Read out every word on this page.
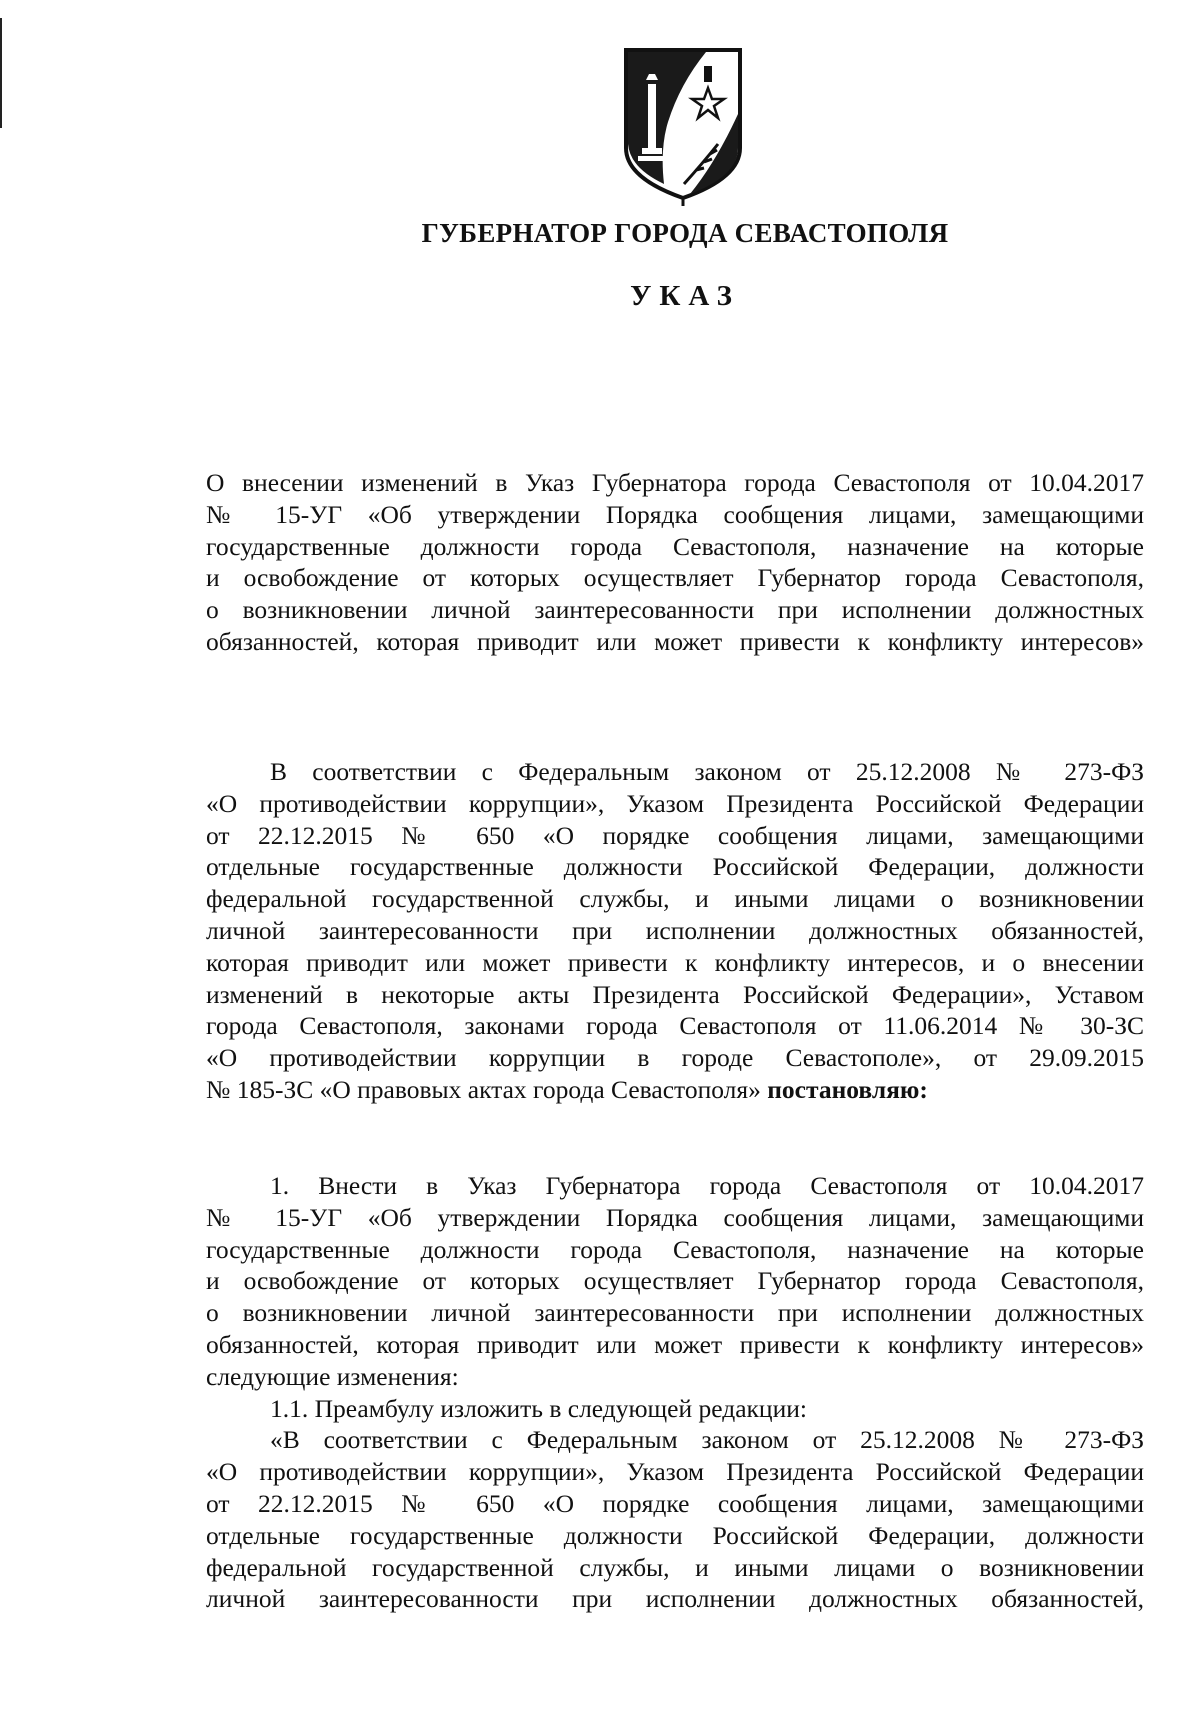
ГУБЕРНАТОР ГОРОДА СЕВАСТОПОЛЯ
УКАЗ
О внесении изменений в Указ Губернатора города Севастополя от 10.04.2017
№ 15-УГ «Об утверждении Порядка сообщения лицами, замещающими
государственные должности города Севастополя, назначение на которые
и освобождение от которых осуществляет Губернатор города Севастополя,
о возникновении личной заинтересованности при исполнении должностных
обязанностей, которая приводит или может привести к конфликту интересов»
В соответствии с Федеральным законом от 25.12.2008 № 273-ФЗ
«О противодействии коррупции», Указом Президента Российской Федерации
от 22.12.2015 № 650 «О порядке сообщения лицами, замещающими
отдельные государственные должности Российской Федерации, должности
федеральной государственной службы, и иными лицами о возникновении
личной заинтересованности при исполнении должностных обязанностей,
которая приводит или может привести к конфликту интересов, и о внесении
изменений в некоторые акты Президента Российской Федерации», Уставом
города Севастополя, законами города Севастополя от 11.06.2014 № 30-ЗС
«О противодействии коррупции в городе Севастополе», от 29.09.2015
№ 185-ЗС «О правовых актах города Севастополя» постановляю:
1. Внести в Указ Губернатора города Севастополя от 10.04.2017
№ 15-УГ «Об утверждении Порядка сообщения лицами, замещающими
государственные должности города Севастополя, назначение на которые
и освобождение от которых осуществляет Губернатор города Севастополя,
о возникновении личной заинтересованности при исполнении должностных
обязанностей, которая приводит или может привести к конфликту интересов»
следующие изменения:
1.1. Преамбулу изложить в следующей редакции:
«В соответствии с Федеральным законом от 25.12.2008 № 273-ФЗ
«О противодействии коррупции», Указом Президента Российской Федерации
от 22.12.2015 № 650 «О порядке сообщения лицами, замещающими
отдельные государственные должности Российской Федерации, должности
федеральной государственной службы, и иными лицами о возникновении
личной заинтересованности при исполнении должностных обязанностей,
